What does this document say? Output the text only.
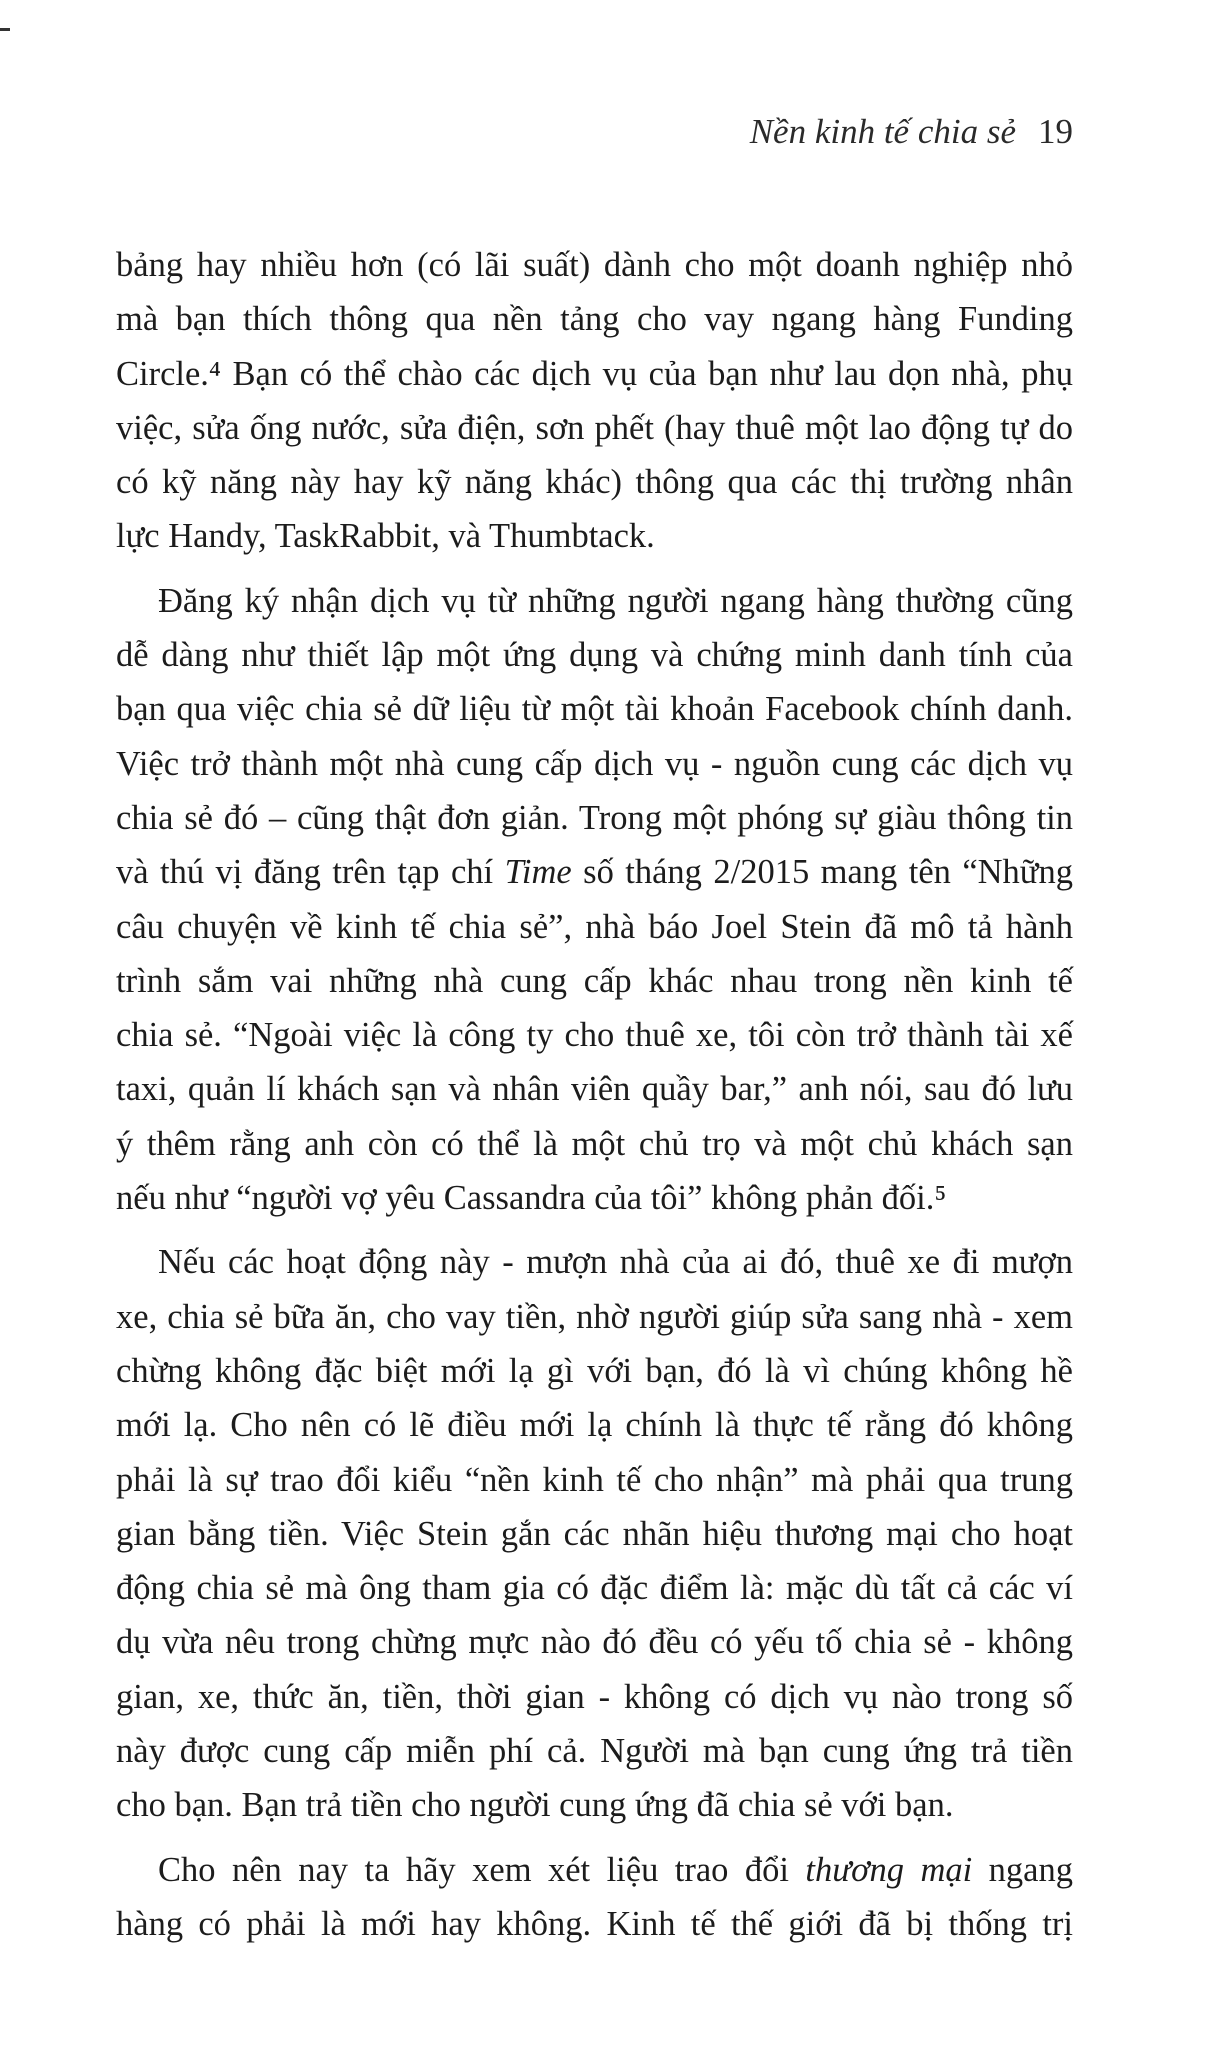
Nền kinh tế chia sẻ 19
bảng hay nhiều hơn (có lãi suất) dành cho một doanh nghiệp nhỏ
mà bạn thích thông qua nền tảng cho vay ngang hàng Funding
Circle.⁴ Bạn có thể chào các dịch vụ của bạn như lau dọn nhà, phụ
việc, sửa ống nước, sửa điện, sơn phết (hay thuê một lao động tự do
có kỹ năng này hay kỹ năng khác) thông qua các thị trường nhân
lực Handy, TaskRabbit, và Thumbtack.
Đăng ký nhận dịch vụ từ những người ngang hàng thường cũng
dễ dàng như thiết lập một ứng dụng và chứng minh danh tính của
bạn qua việc chia sẻ dữ liệu từ một tài khoản Facebook chính danh.
Việc trở thành một nhà cung cấp dịch vụ - nguồn cung các dịch vụ
chia sẻ đó – cũng thật đơn giản. Trong một phóng sự giàu thông tin
và thú vị đăng trên tạp chí Time số tháng 2/2015 mang tên “Những
câu chuyện về kinh tế chia sẻ”, nhà báo Joel Stein đã mô tả hành
trình sắm vai những nhà cung cấp khác nhau trong nền kinh tế
chia sẻ. “Ngoài việc là công ty cho thuê xe, tôi còn trở thành tài xế
taxi, quản lí khách sạn và nhân viên quầy bar,” anh nói, sau đó lưu
ý thêm rằng anh còn có thể là một chủ trọ và một chủ khách sạn
nếu như “người vợ yêu Cassandra của tôi” không phản đối.⁵
Nếu các hoạt động này - mượn nhà của ai đó, thuê xe đi mượn
xe, chia sẻ bữa ăn, cho vay tiền, nhờ người giúp sửa sang nhà - xem
chừng không đặc biệt mới lạ gì với bạn, đó là vì chúng không hề
mới lạ. Cho nên có lẽ điều mới lạ chính là thực tế rằng đó không
phải là sự trao đổi kiểu “nền kinh tế cho nhận” mà phải qua trung
gian bằng tiền. Việc Stein gắn các nhãn hiệu thương mại cho hoạt
động chia sẻ mà ông tham gia có đặc điểm là: mặc dù tất cả các ví
dụ vừa nêu trong chừng mực nào đó đều có yếu tố chia sẻ - không
gian, xe, thức ăn, tiền, thời gian - không có dịch vụ nào trong số
này được cung cấp miễn phí cả. Người mà bạn cung ứng trả tiền
cho bạn. Bạn trả tiền cho người cung ứng đã chia sẻ với bạn.
Cho nên nay ta hãy xem xét liệu trao đổi thương mại ngang
hàng có phải là mới hay không. Kinh tế thế giới đã bị thống trị
